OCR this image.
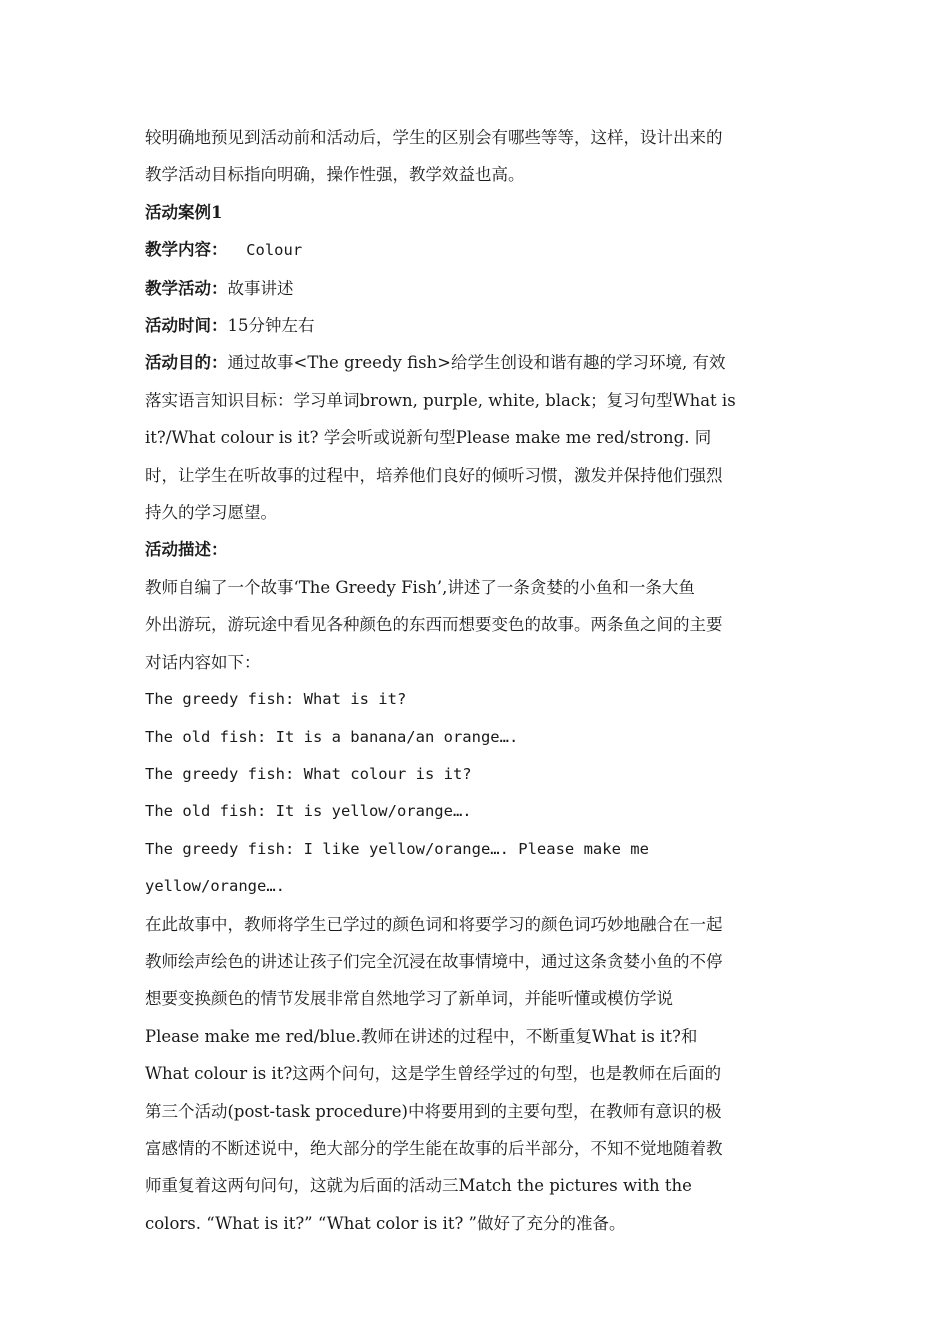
较明确地预见到活动前和活动后，学生的区别会有哪些等等，这样，设计出来的
教学活动目标指向明确，操作性强，教学效益也高。
活动案例1
教学内容：  Colour
教学活动：故事讲述
活动时间：15分钟左右
活动目的：通过故事<The greedy fish>给学生创设和谐有趣的学习环境, 有效
落实语言知识目标：学习单词brown, purple, white, black；复习句型What is
it?/What colour is it? 学会听或说新句型Please make me red/strong. 同
时，让学生在听故事的过程中，培养他们良好的倾听习惯，激发并保持他们强烈
持久的学习愿望。
活动描述：
教师自编了一个故事‘The Greedy Fish’,讲述了一条贪婪的小鱼和一条大鱼
外出游玩，游玩途中看见各种颜色的东西而想要变色的故事。两条鱼之间的主要
对话内容如下：
The greedy fish: What is it?
The old fish: It is a banana/an orange….
The greedy fish: What colour is it?
The old fish: It is yellow/orange….
The greedy fish: I like yellow/orange…. Please make me
yellow/orange….
在此故事中，教师将学生已学过的颜色词和将要学习的颜色词巧妙地融合在一起
教师绘声绘色的讲述让孩子们完全沉浸在故事情境中，通过这条贪婪小鱼的不停
想要变换颜色的情节发展非常自然地学习了新单词，并能听懂或模仿学说
Please make me red/blue.教师在讲述的过程中，不断重复What is it?和
What colour is it?这两个问句，这是学生曾经学过的句型，也是教师在后面的
第三个活动(post-task procedure)中将要用到的主要句型，在教师有意识的极
富感情的不断述说中，绝大部分的学生能在故事的后半部分，不知不觉地随着教
师重复着这两句问句，这就为后面的活动三Match the pictures with the
colors. “What is it?” “What color is it? ”做好了充分的准备。
